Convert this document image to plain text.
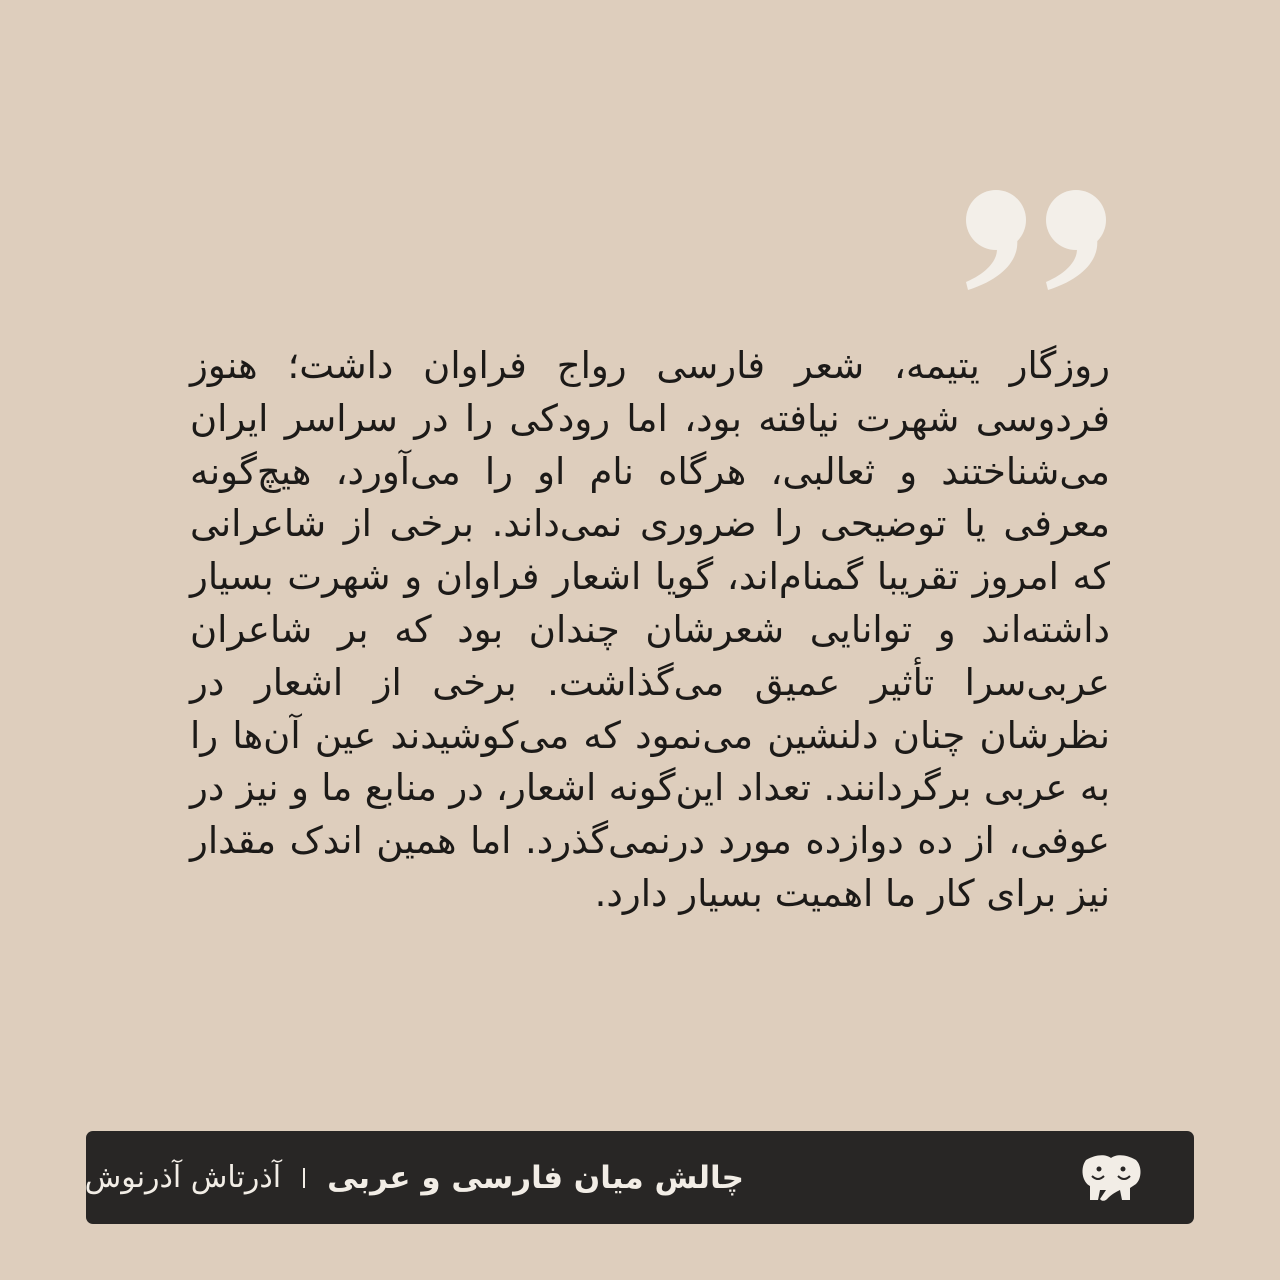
روزگار یتیمه، شعر فارسی رواج فراوان داشت؛ هنوز فردوسی شهرت نیافته بود، اما رودکی را در سراسر ایران می‌شناختند و ثعالبی، هرگاه نام او را می‌آورد، هیچ‌گونه معرفی یا توضیحی را ضروری نمی‌داند. برخی از شاعرانی که امروز تقریبا گمنام‌اند، گویا اشعار فراوان و شهرت بسیار داشته‌اند و توانایی شعرشان چندان بود که بر شاعران عربی‌سرا تأثیر عمیق می‌گذاشت. برخی از اشعار در نظرشان چنان دلنشین می‌نمود که می‌کوشیدند عین آن‌ها را به عربی برگردانند. تعداد این‌گونه اشعار، در منابع ما و نیز در عوفی، از ده دوازده مورد درنمی‌گذرد. اما همین اندک مقدار نیز برای کار ما اهمیت بسیار دارد.

چالش میان فارسی و عربی
آذرتاش آذرنوش
